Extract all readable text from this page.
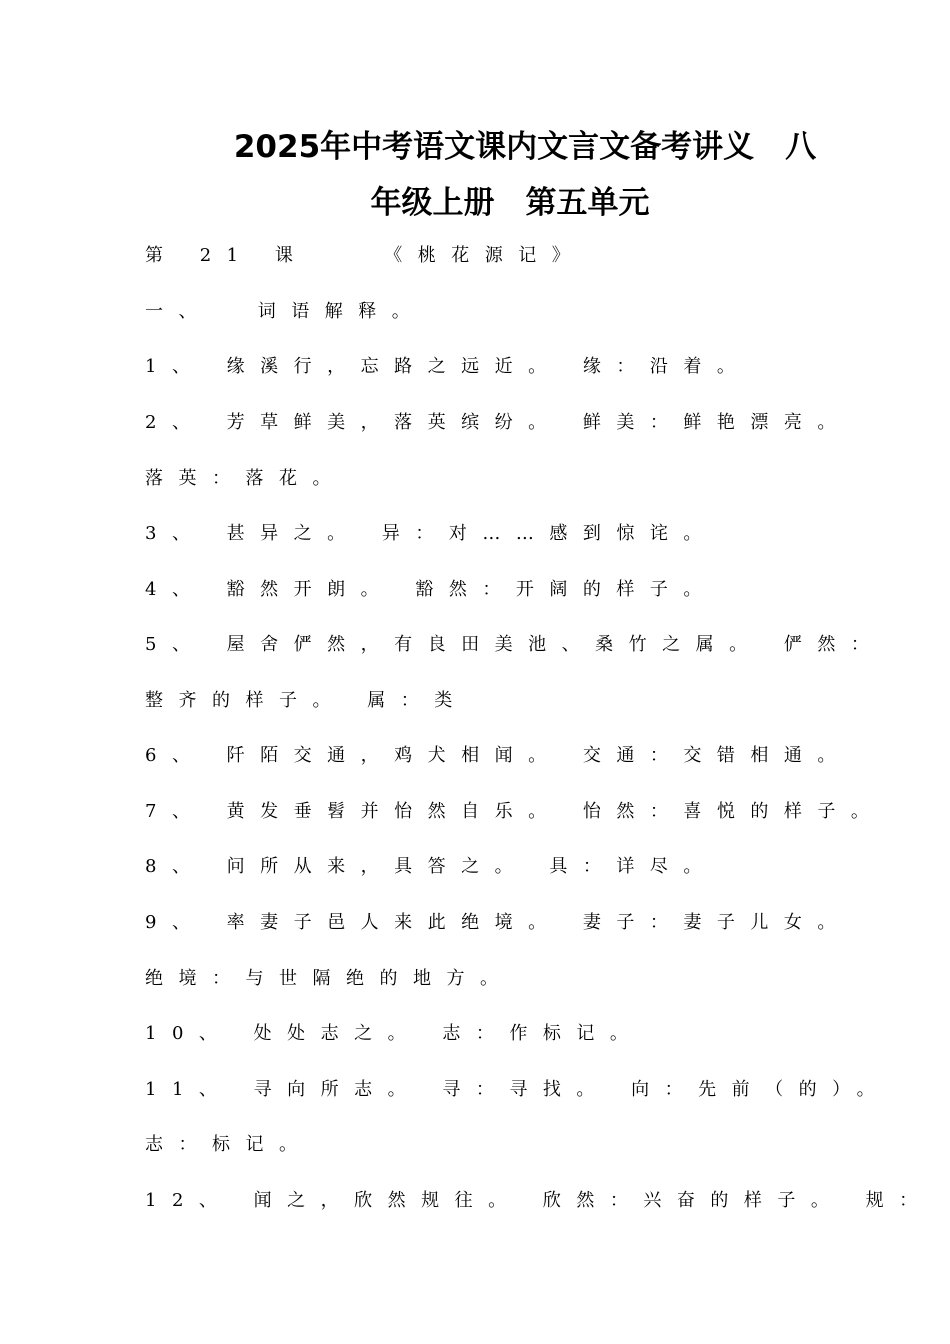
2025年中考语文课内文言文备考讲义　八
年级上册　第五单元
第 21 课 　 《桃花源记》
一、　 词语解释。
1、 缘溪行，忘路之远近。 缘：沿着。
2、 芳草鲜美，落英缤纷。 鲜美：鲜艳漂亮。
落英：落花。
3、 甚异之。 异：对……感到惊诧。
4、 豁然开朗。 豁然：开阔的样子。
5、 屋舍俨然，有良田美池、桑竹之属。 俨然：
整齐的样子。 属：类
6、 阡陌交通，鸡犬相闻。 交通：交错相通。
7、 黄发垂髫并怡然自乐。 怡然：喜悦的样子。
8、 问所从来，具答之。 具：详尽。
9、 率妻子邑人来此绝境。 妻子：妻子儿女。
绝境：与世隔绝的地方。
10、 处处志之。 志：作标记。
11、 寻向所志。 寻：寻找。 向：先前（的）。
志：标记。
12、 闻之，欣然规往。 欣然：兴奋的样子。 规：
